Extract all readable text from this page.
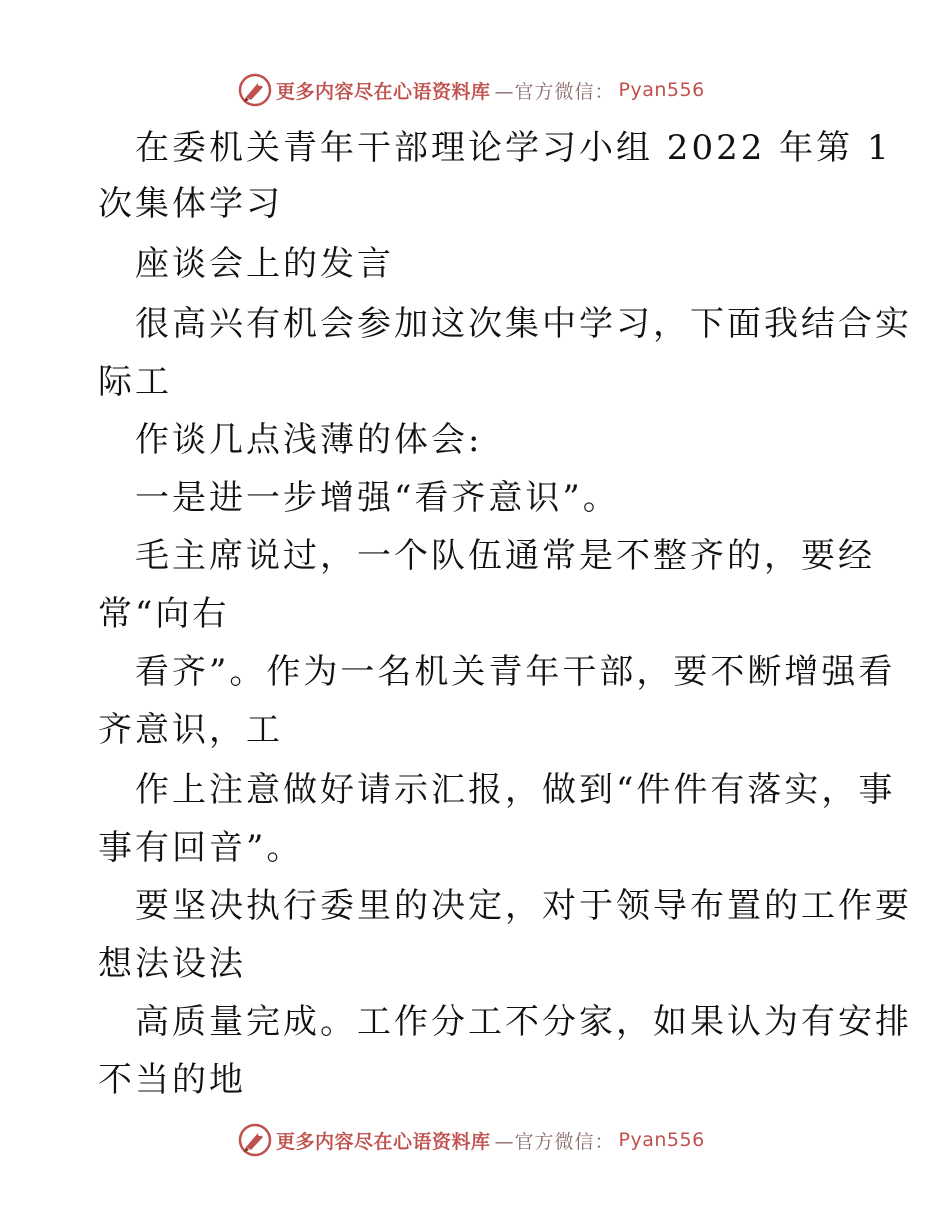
更多内容尽在心语资料库 —官方微信： Pyan556
在委机关青年干部理论学习小组 2022 年第 1
次集体学习
座谈会上的发言
很高兴有机会参加这次集中学习，下面我结合实
际工
作谈几点浅薄的体会:
一是进一步增强“看齐意识”。
毛主席说过，一个队伍通常是不整齐的，要经
常“向右
看齐”。作为一名机关青年干部，要不断增强看
齐意识，工
作上注意做好请示汇报，做到“件件有落实，事
事有回音”。
要坚决执行委里的决定，对于领导布置的工作要
想法设法
高质量完成。工作分工不分家，如果认为有安排
不当的地
更多内容尽在心语资料库 —官方微信： Pyan556
